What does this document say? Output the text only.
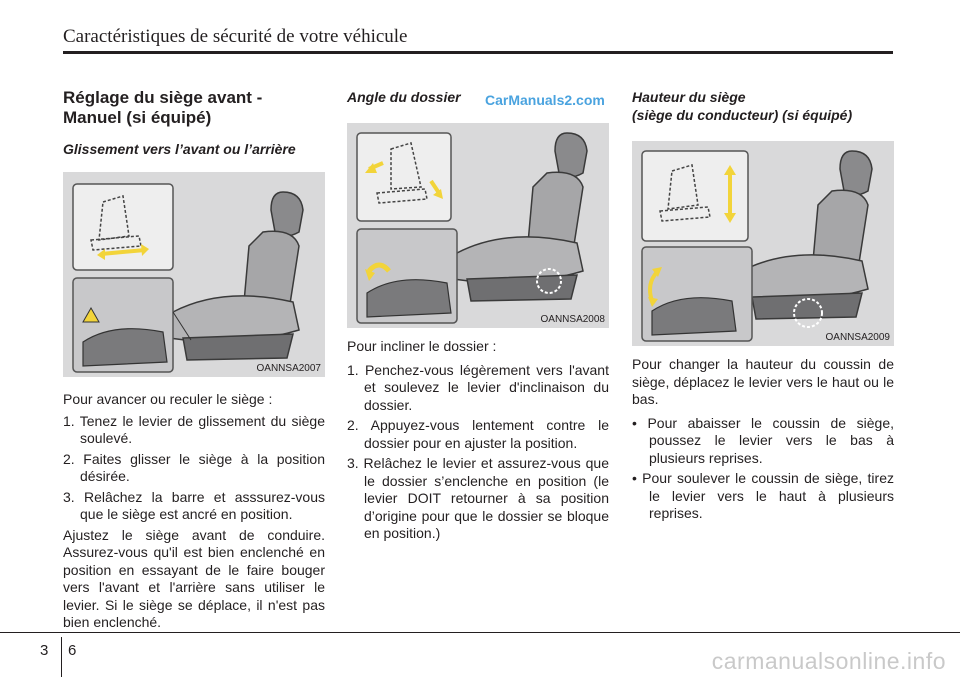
Caractéristiques de sécurité de votre véhicule
CarManuals2.com
Réglage du siège avant - Manuel (si équipé)

Glissement vers l’avant ou l’arrière

OANNSA2007

Pour avancer ou reculer le siège :

1. Tenez le levier de glissement du siège soulevé.
2. Faites glisser le siège à la position désirée.
3. Relâchez la barre et asssurez-vous que le siège est ancré en position.

Ajustez le siège avant de conduire. Assurez-vous qu'il est bien enclenché en position en essayant de le faire bouger vers l'avant et l'arrière sans utiliser le levier. Si le siège se déplace, il n'est pas bien enclenché.

Angle du dossier

OANNSA2008

Pour incliner le dossier :

1. Penchez-vous légèrement vers l'avant et soulevez le levier d'inclinaison du dossier.
2. Appuyez-vous lentement contre le dossier pour en ajuster la position.
3. Relâchez le levier et assurez-vous que le dossier s’enclenche en position (le levier DOIT retourner à sa position d’origine pour que le dossier se bloque en position.)

Hauteur du siège
(siège du conducteur) (si équipé)

OANNSA2009

Pour changer la hauteur du coussin de siège, déplacez le levier vers le haut ou le bas.

• Pour abaisser le coussin de siège, poussez le levier vers le bas à plusieurs reprises.
• Pour soulever le coussin de siège, tirez le levier vers le haut à plusieurs reprises.
3 6	carmanualsonline.info
